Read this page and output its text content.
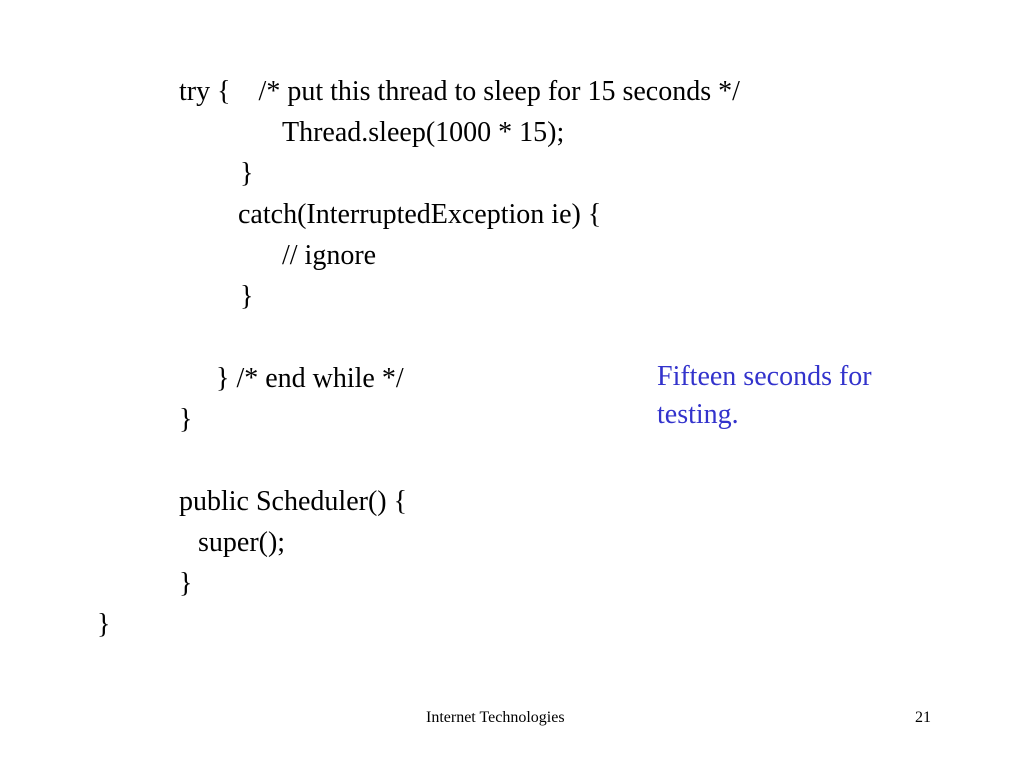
try {    /* put this thread to sleep for 15 seconds */
Thread.sleep(1000 * 15);
}
catch(InterruptedException ie) {
// ignore
}
} /* end while */
}
public Scheduler() {
super();
}
}
Fifteen seconds for
testing.
Internet Technologies	21
